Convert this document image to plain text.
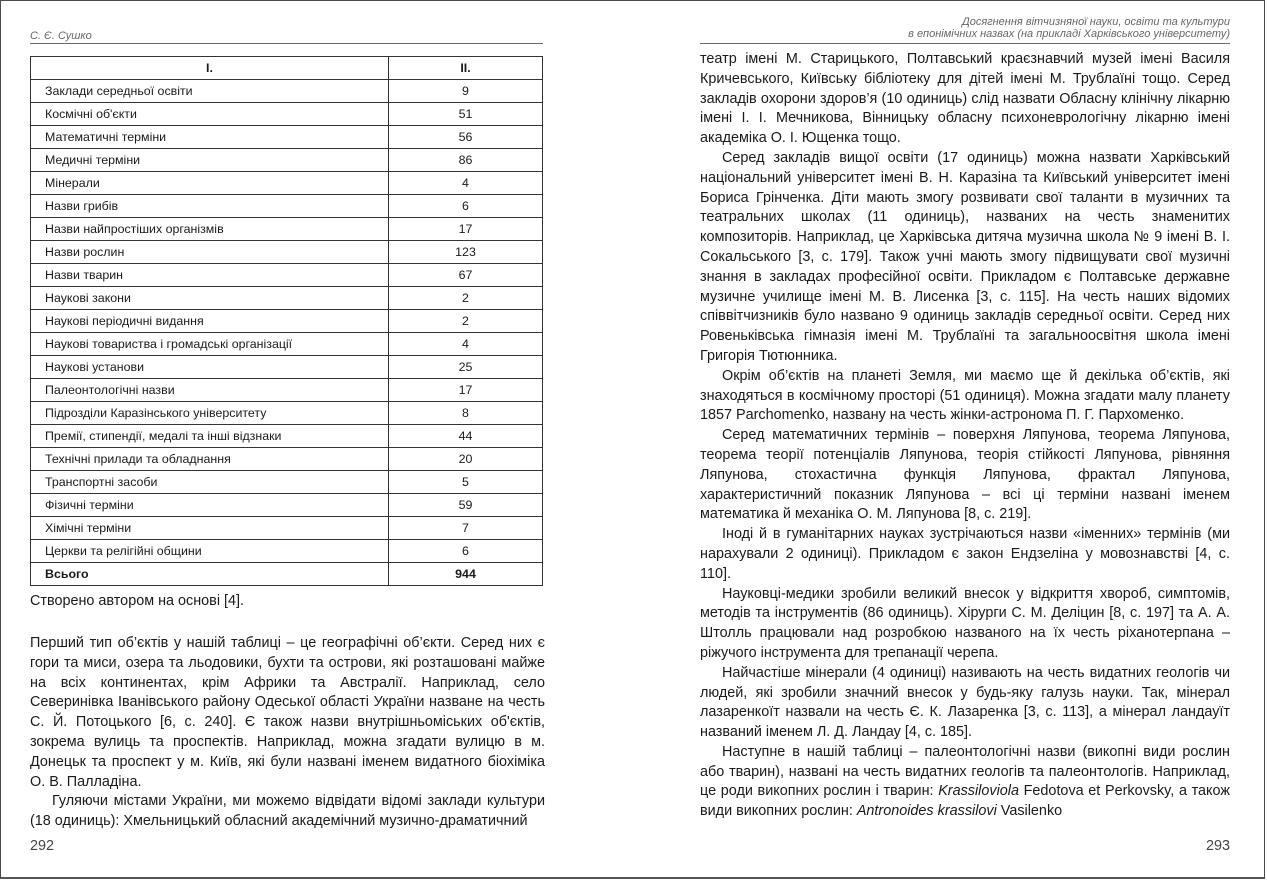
С. Є. Сушко
I.	II.
Заклади середньої освіти	9
Космічні об'єкти	51
Математичні терміни	56
Медичні терміни	86
Мінерали	4
Назви грибів	6
Назви найпростіших організмів	17
Назви рослин	123
Назви тварин	67
Наукові закони	2
Наукові періодичні видання	2
Наукові товариства і громадські організації	4
Наукові установи	25
Палеонтологічні назви	17
Підрозділи Каразінського університету	8
Премії, стипендії, медалі та інші відзнаки	44
Технічні прилади та обладнання	20
Транспортні засоби	5
Фізичні терміни	59
Хімічні терміни	7
Церкви та релігійні общини	6
Всього	944

Створено автором на основі [4].

Перший тип об’єктів у нашій таблиці – це географічні об’єкти. Серед них є гори та миси, озера та льодовики, бухти та острови, які розташовані майже на всіх континентах, крім Африки та Австралії. Наприклад, село Северинівка Іванівського району Одеської області України назване на честь С. Й. Потоцького [6, с. 240]. Є також назви внутрішньоміських об'єктів, зокрема вулиць та проспектів. Наприклад, можна згадати вулицю в м. Донецьк та проспект у м. Київ, які були названі іменем видатного біохіміка О. В. Палладіна.

Гуляючи містами України, ми можемо відвідати відомі заклади культури (18 одиниць): Хмельницький обласний академічний музично-драматичний

292
Досягнення вітчизняної науки, освіти та культури
в епонімічних назвах (на прикладі Харківського університету)

театр імені М. Старицького, Полтавський краєзнавчий музей імені Василя Кричевського, Київську бібліотеку для дітей імені М. Трублаїні тощо. Серед закладів охорони здоров’я (10 одиниць) слід назвати Обласну клінічну лікарню імені І. І. Мечникова, Вінницьку обласну психоневрологічну лікарню імені академіка О. І. Ющенка тощо.

Серед закладів вищої освіти (17 одиниць) можна назвати Харківський національний університет імені В. Н. Каразіна та Київський університет імені Бориса Грінченка. Діти мають змогу розвивати свої таланти в музичних та театральних школах (11 одиниць), названих на честь знаменитих композиторів. Наприклад, це Харківська дитяча музична школа № 9 імені В. І. Сокальського [3, с. 179]. Також учні мають змогу підвищувати свої музичні знання в закладах професійної освіти. Прикладом є Полтавське державне музичне училище імені М. В. Лисенка [3, с. 115]. На честь наших відомих співвітчизників було названо 9 одиниць закладів середньої освіти. Серед них Ровеньківська гімназія імені М. Трублаїні та загальноосвітня школа імені Григорія Тютюнника.

Окрім об’єктів на планеті Земля, ми маємо ще й декілька об’єктів, які знаходяться в космічному просторі (51 одиниця). Можна згадати малу планету 1857 Parchomenko, названу на честь жінки-астронома П. Г. Пархоменко.

Серед математичних термінів – поверхня Ляпунова, теорема Ляпунова, теорема теорії потенціалів Ляпунова, теорія стійкості Ляпунова, рівняння Ляпунова, стохастична функція Ляпунова, фрактал Ляпунова, характеристичний показник Ляпунова – всі ці терміни названі іменем математика й механіка О. М. Ляпунова [8, с. 219].

Іноді й в гуманітарних науках зустрічаються назви «іменних» термінів (ми нарахували 2 одиниці). Прикладом є закон Ендзеліна у мовознавстві [4, с. 110].

Науковці-медики зробили великий внесок у відкриття хвороб, симптомів, методів та інструментів (86 одиниць). Хірурги С. М. Деліцин [8, с. 197] та А. А. Штолль працювали над розробкою названого на їх честь ріханотерпана – ріжучого інструмента для трепанації черепа.

Найчастіше мінерали (4 одиниці) називають на честь видатних геологів чи людей, які зробили значний внесок у будь-яку галузь науки. Так, мінерал лазаренкоїт назвали на честь Є. К. Лазаренка [3, с. 113], а мінерал ландауїт названий іменем Л. Д. Ландау [4, с. 185].

Наступне в нашій таблиці – палеонтологічні назви (викопні види рослин або тварин), названі на честь видатних геологів та палеонтологів. Наприклад, це роди викопних рослин і тварин: Krassiloviola Fedotova et Perkovsky, а також види викопних рослин: Antronoides krassilovi Vasilenko

293
